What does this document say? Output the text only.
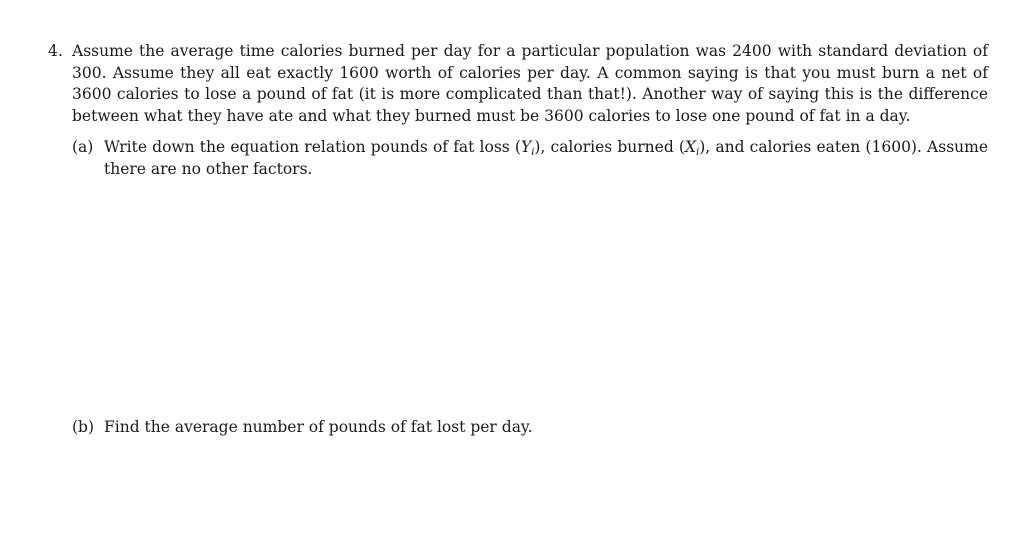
4. Assume the average time calories burned per day for a particular population was 2400 with standard deviation of 300. Assume they all eat exactly 1600 worth of calories per day. A common saying is that you must burn a net of 3600 calories to lose a pound of fat (it is more complicated than that!). Another way of saying this is the difference between what they have ate and what they burned must be 3600 calories to lose one pound of fat in a day.
(a) Write down the equation relation pounds of fat loss $(Y_i)$, calories burned $(X_i)$, and calories eaten (1600). Assume there are no other factors.
(b) Find the average number of pounds of fat lost per day.
